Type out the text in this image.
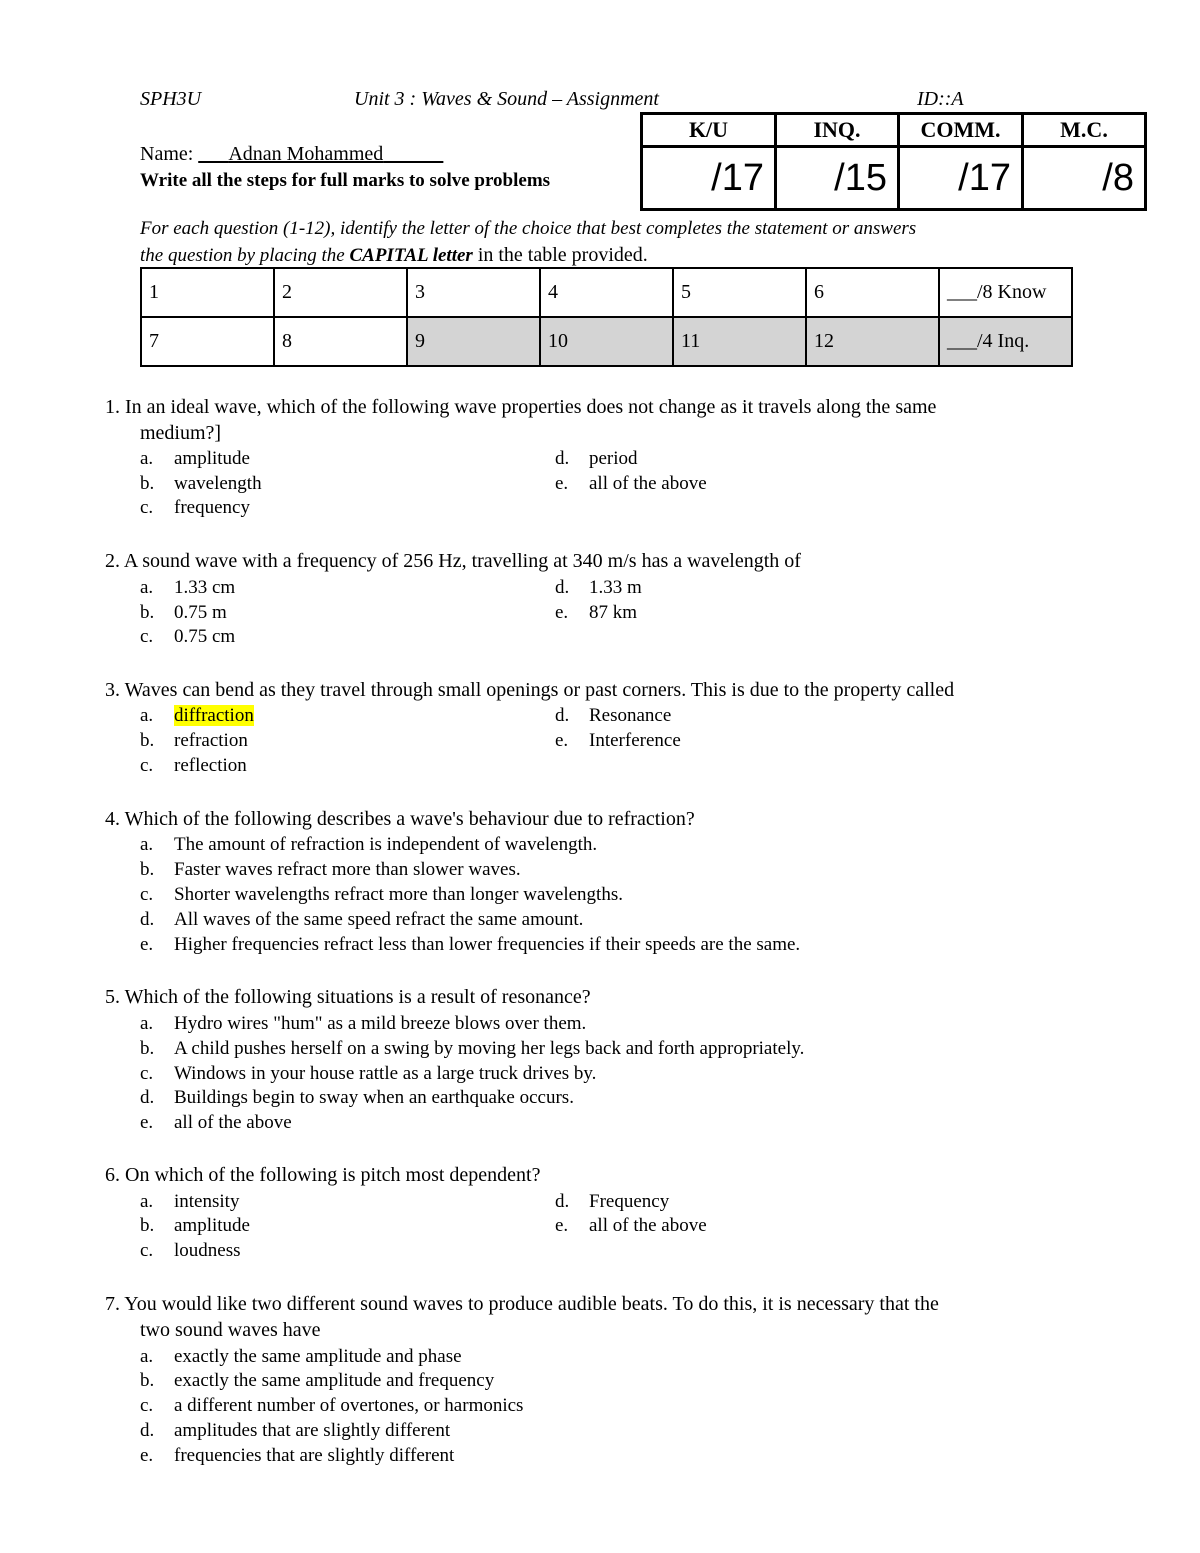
SPH3U	Unit 3 : Waves & Sound – Assignment	ID::A
Name: ___Adnan Mohammed______
Write all the steps for full marks to solve problems
K/U	INQ.	COMM.	M.C.
/17	/15	/17	/8
For each question (1-12), identify the letter of the choice that best completes the statement or answers
the question by placing the CAPITAL letter in the table provided.
1	2	3	4	5	6	___/8 Know
7	8	9	10	11	12	___/4 Inq.
1. In an ideal wave, which of the following wave properties does not change as it travels along the same
medium?]
a. amplitude
b. wavelength
c. frequency
d. period
e. all of the above
2. A sound wave with a frequency of 256 Hz, travelling at 340 m/s has a wavelength of
a. 1.33 cm
b. 0.75 m
c. 0.75 cm
d. 1.33 m
e. 87 km
3. Waves can bend as they travel through small openings or past corners. This is due to the property called
a. diffraction
b. refraction
c. reflection
d. Resonance
e. Interference
4. Which of the following describes a wave's behaviour due to refraction?
a. The amount of refraction is independent of wavelength.
b. Faster waves refract more than slower waves.
c. Shorter wavelengths refract more than longer wavelengths.
d. All waves of the same speed refract the same amount.
e. Higher frequencies refract less than lower frequencies if their speeds are the same.
5. Which of the following situations is a result of resonance?
a. Hydro wires "hum" as a mild breeze blows over them.
b. A child pushes herself on a swing by moving her legs back and forth appropriately.
c. Windows in your house rattle as a large truck drives by.
d. Buildings begin to sway when an earthquake occurs.
e. all of the above
6. On which of the following is pitch most dependent?
a. intensity
b. amplitude
c. loudness
d. Frequency
e. all of the above
7. You would like two different sound waves to produce audible beats. To do this, it is necessary that the
two sound waves have
a. exactly the same amplitude and phase
b. exactly the same amplitude and frequency
c. a different number of overtones, or harmonics
d. amplitudes that are slightly different
e. frequencies that are slightly different
